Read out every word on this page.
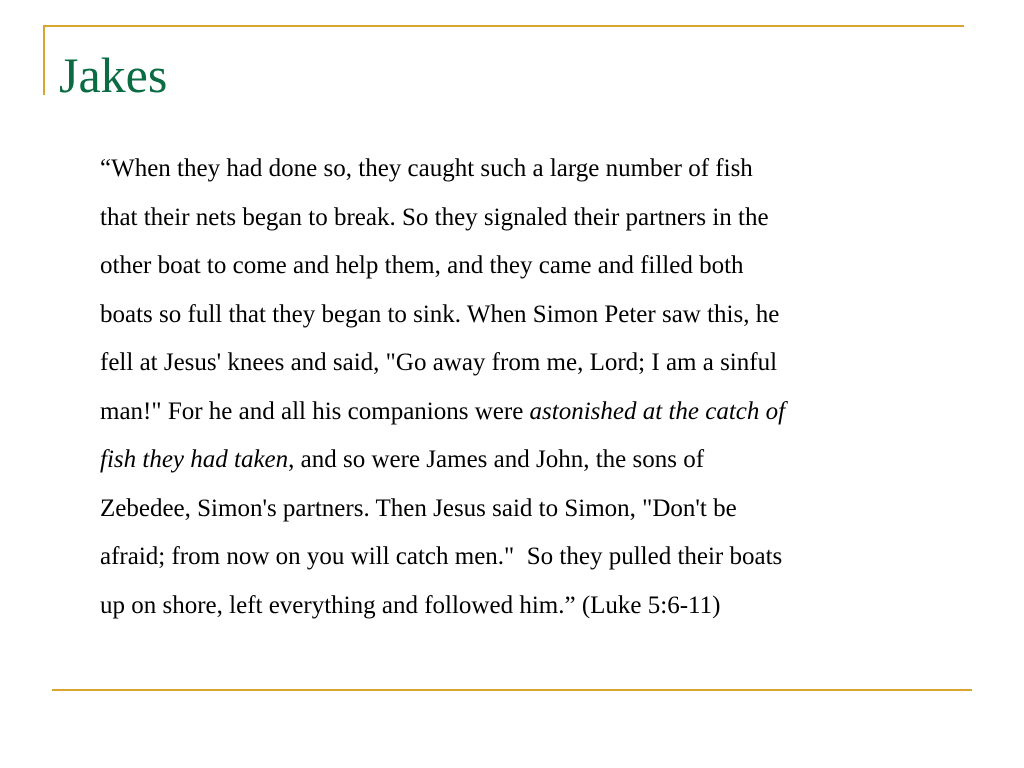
Jakes
“When they had done so, they caught such a large number of fish
that their nets began to break. So they signaled their partners in the
other boat to come and help them, and they came and filled both
boats so full that they began to sink. When Simon Peter saw this, he
fell at Jesus' knees and said, "Go away from me, Lord; I am a sinful
man!" For he and all his companions were astonished at the catch of
fish they had taken, and so were James and John, the sons of
Zebedee, Simon's partners. Then Jesus said to Simon, "Don't be
afraid; from now on you will catch men."  So they pulled their boats
up on shore, left everything and followed him.” (Luke 5:6-11)
